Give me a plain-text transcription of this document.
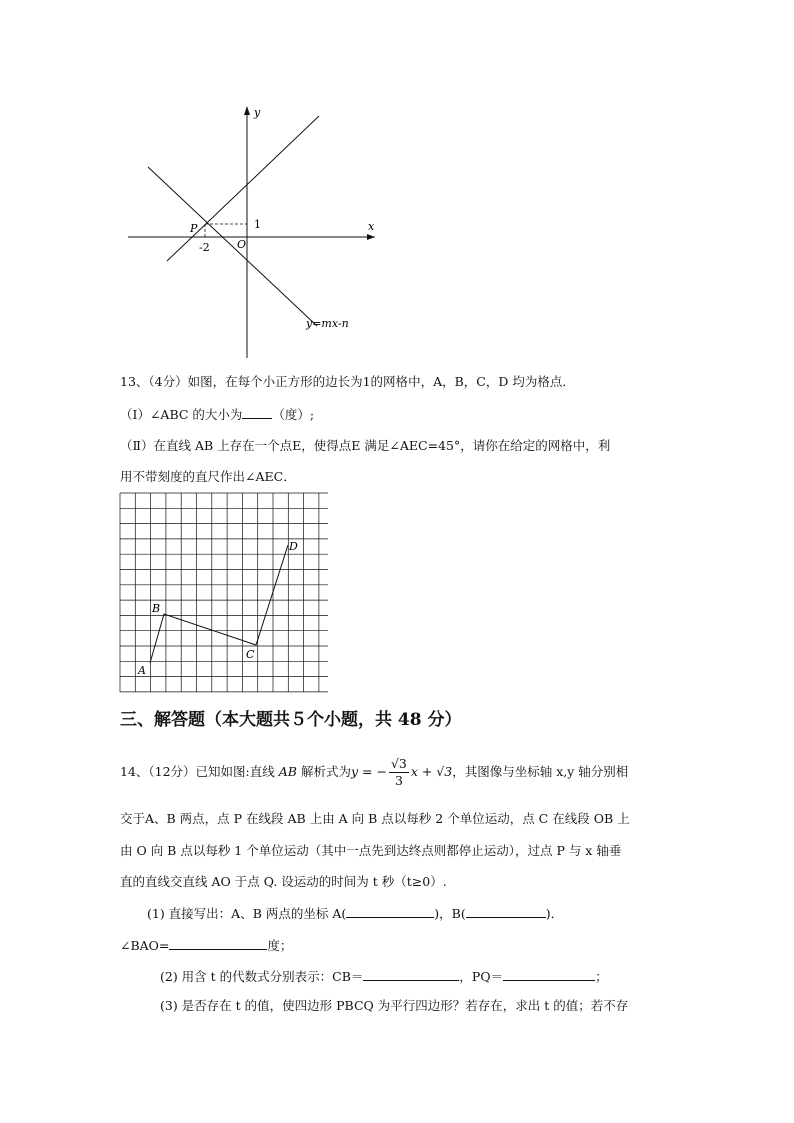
y
x
O
P
-2
1
y=mx-n
13、（4分）如图，在每个小正方形的边长为1的网格中，A，B，C，D 均为格点．
（Ⅰ）∠ABC 的大小为 （度）;
（Ⅱ）在直线 AB 上存在一个点E，使得点E 满足∠AEC=45°，请你在给定的网格中，利
用不带刻度的直尺作出∠AEC．
A
B
C
D
三、解答题（本大题共５个小题，共 48 分）
14、（12分）已知如图:直线 AB 解析式为y = − $\frac{√3}{3}$ x + √3，其图像与坐标轴 x,y 轴分别相
交于A、B 两点，点 P 在线段 AB 上由 A 向 B 点以每秒 2 个单位运动，点 C 在线段 OB 上
由 O 向 B 点以每秒 1 个单位运动（其中一点先到达终点则都停止运动），过点 P 与 x 轴垂
直的直线交直线 AO 于点 Q. 设运动的时间为 t 秒（t≥0）.
(1) 直接写出：A、B 两点的坐标 A(	)，B(	)．
∠BAO=	度；
(2) 用含 t 的代数式分别表示：CB＝	，PQ＝	；
(3) 是否存在 t 的值，使四边形 PBCQ 为平行四边形？若存在，求出 t 的值；若不存
